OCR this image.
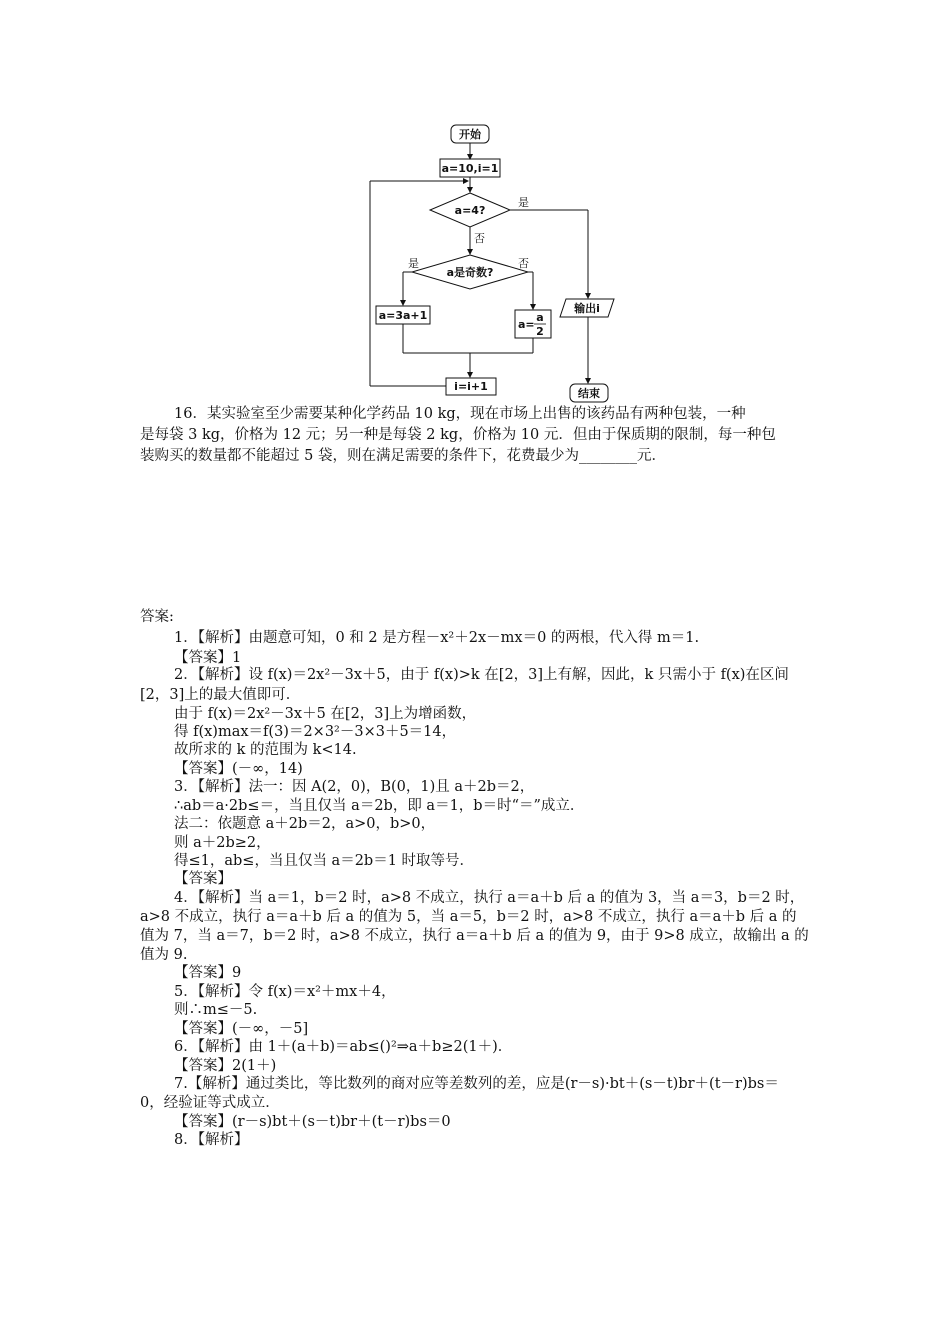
开始
a=10,i=1
a=4?
是
否
a是奇数?
是	否
a=3a+1
a=
a
2
i=i+1
输出i
结束
16．某实验室至少需要某种化学药品 10 kg，现在市场上出售的该药品有两种包装，一种
是每袋 3 kg，价格为 12 元；另一种是每袋 2 kg，价格为 10 元．但由于保质期的限制，每一种包
装购买的数量都不能超过 5 袋，则在满足需要的条件下，花费最少为________元．
答案:
1．【解析】由题意可知，0 和 2 是方程－x²＋2x－mx＝0 的两根，代入得 m＝1.
【答案】1
2．【解析】设 f(x)＝2x²－3x＋5，由于 f(x)>k 在[2，3]上有解，因此，k 只需小于 f(x)在区间
[2，3]上的最大值即可．
由于 f(x)＝2x²－3x＋5 在[2，3]上为增函数，
得 f(x)max＝f(3)＝2×3²－3×3＋5＝14，
故所求的 k 的范围为 k<14.
【答案】(－∞，14)
3．【解析】法一：因 A(2，0)，B(0，1)且 a＋2b＝2，
∴ab＝a·2b≤＝，当且仅当 a＝2b，即 a＝1，b＝时“＝”成立．
法二：依题意 a＋2b＝2，a>0，b>0，
则 a＋2b≥2，
得≤1，ab≤，当且仅当 a＝2b＝1 时取等号．
【答案】
4．【解析】当 a＝1，b＝2 时，a>8 不成立，执行 a＝a＋b 后 a 的值为 3，当 a＝3，b＝2 时，
a>8 不成立，执行 a＝a＋b 后 a 的值为 5，当 a＝5，b＝2 时，a>8 不成立，执行 a＝a＋b 后 a 的
值为 7，当 a＝7，b＝2 时，a>8 不成立，执行 a＝a＋b 后 a 的值为 9，由于 9>8 成立，故输出 a 的
值为 9.
【答案】9
5．【解析】令 f(x)＝x²＋mx＋4，
则∴m≤－5.
【答案】(－∞，－5]
6．【解析】由 1＋(a＋b)＝ab≤()²⇒a＋b≥2(1＋)．
【答案】2(1＋)
7.【解析】通过类比，等比数列的商对应等差数列的差，应是(r－s)·bt＋(s－t)br＋(t－r)bs＝
0，经验证等式成立．
【答案】(r－s)bt＋(s－t)br＋(t－r)bs＝0
8．【解析】
